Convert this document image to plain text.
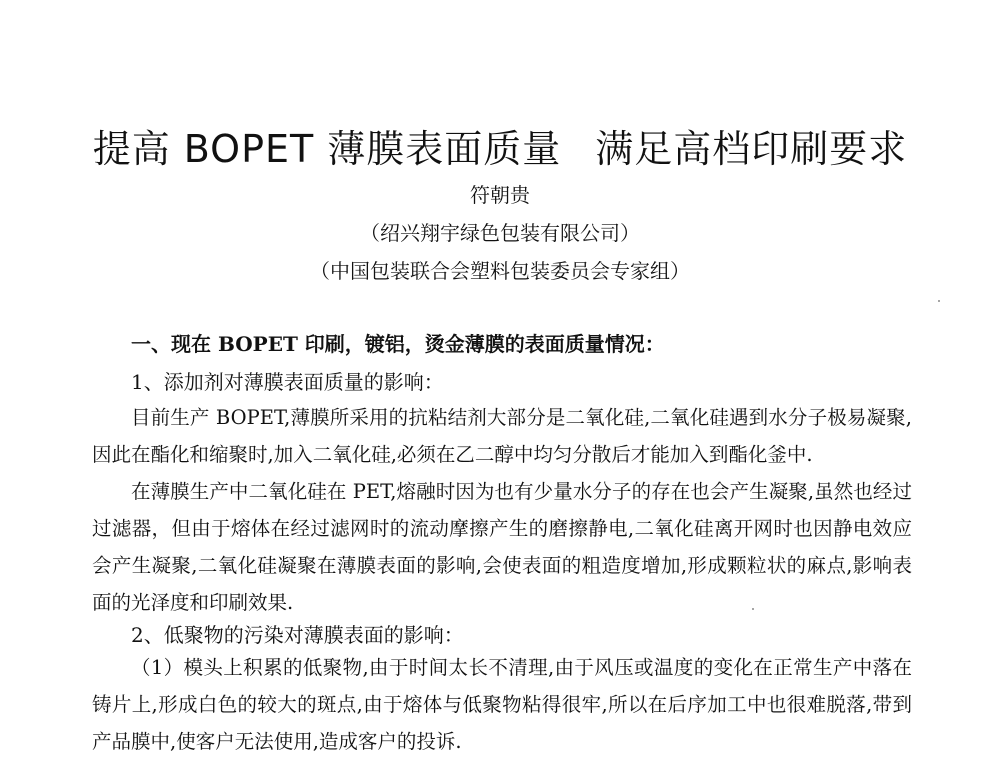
提高 BOPET 薄膜表面质量 满足高档印刷要求
符朝贵
（绍兴翔宇绿色包装有限公司）
（中国包装联合会塑料包装委员会专家组）
一、现在 BOPET 印刷，镀铝，烫金薄膜的表面质量情况：
1、添加剂对薄膜表面质量的影响：

目前生产 BOPET,薄膜所采用的抗粘结剂大部分是二氧化硅,二氧化硅遇到水分子极易凝聚,因此在酯化和缩聚时,加入二氧化硅,必须在乙二醇中均匀分散后才能加入到酯化釜中.

在薄膜生产中二氧化硅在 PET,熔融时因为也有少量水分子的存在也会产生凝聚,虽然也经过过滤器，但由于熔体在经过滤网时的流动摩擦产生的磨擦静电,二氧化硅离开网时也因静电效应会产生凝聚,二氧化硅凝聚在薄膜表面的影响,会使表面的粗造度增加,形成颗粒状的麻点,影响表面的光泽度和印刷效果.

2、低聚物的污染对薄膜表面的影响：

（1）模头上积累的低聚物,由于时间太长不清理,由于风压或温度的变化在正常生产中落在铸片上,形成白色的较大的斑点,由于熔体与低聚物粘得很牢,所以在后序加工中也很难脱落,带到产品膜中,使客户无法使用,造成客户的投诉.
